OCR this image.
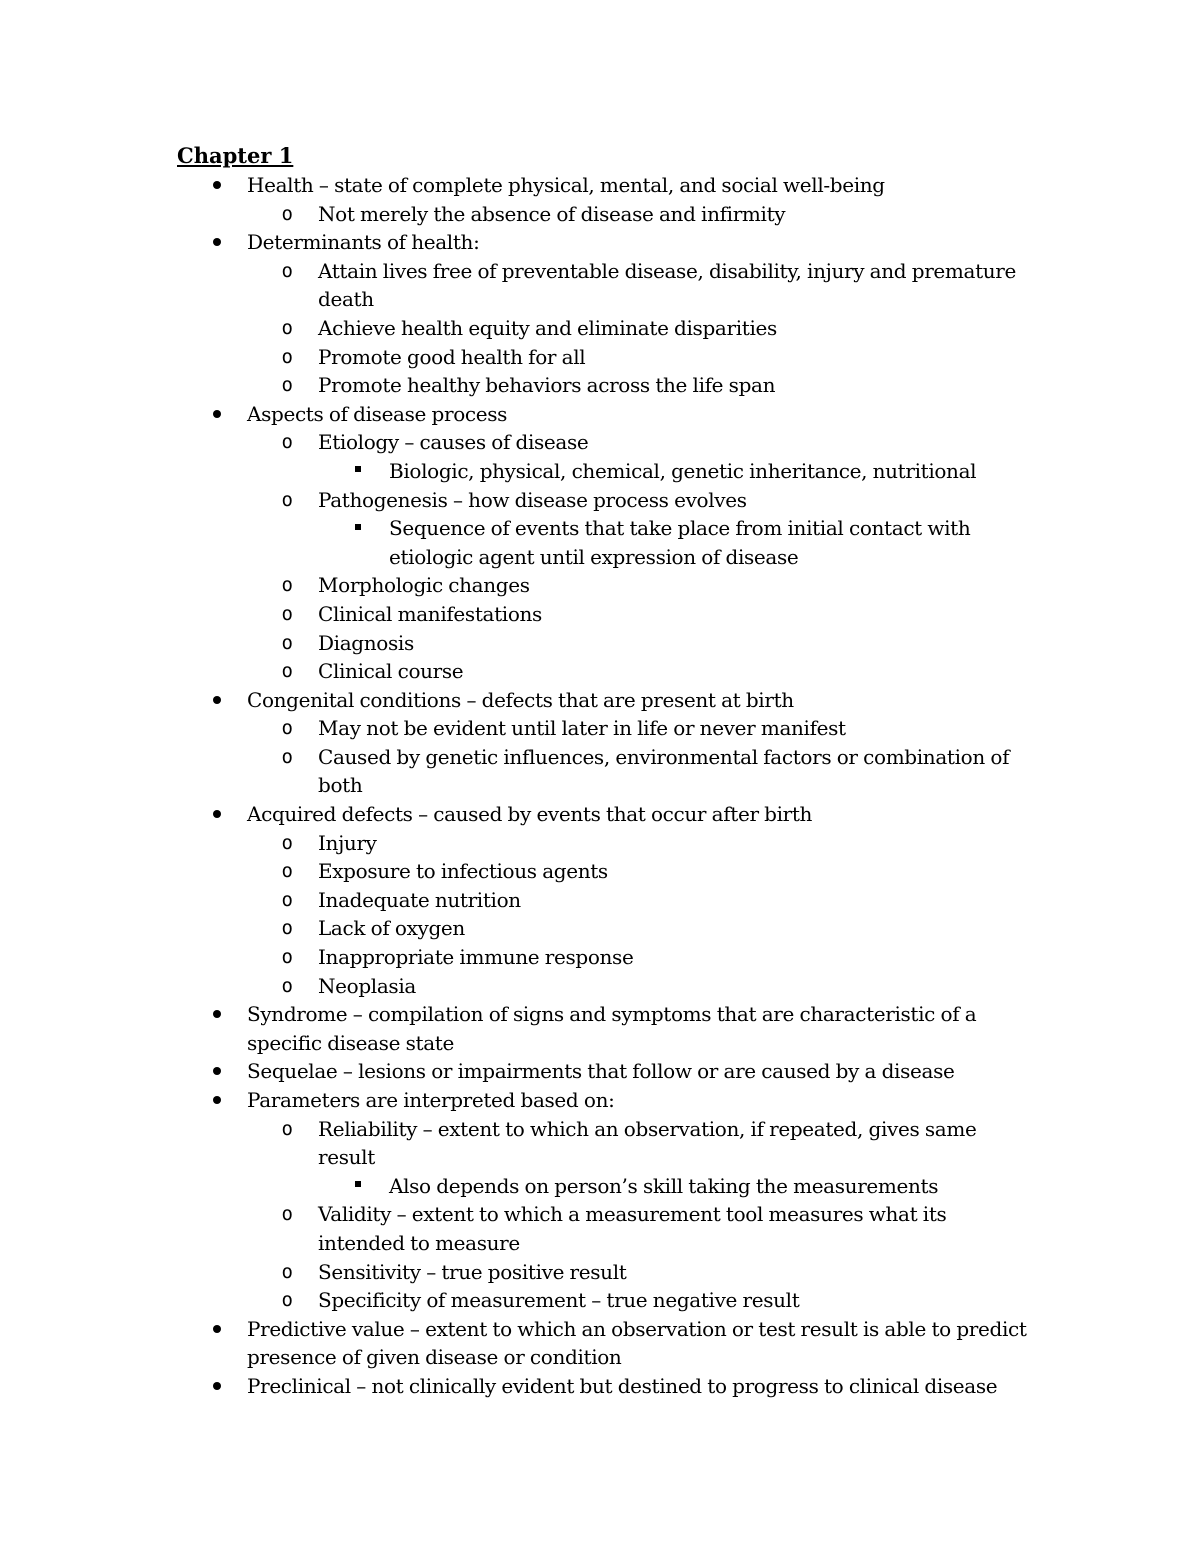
Chapter 1

Health – state of complete physical, mental, and social well-being
o Not merely the absence of disease and infirmity
Determinants of health:
o Attain lives free of preventable disease, disability, injury and premature death
o Achieve health equity and eliminate disparities
o Promote good health for all
o Promote healthy behaviors across the life span
Aspects of disease process
o Etiology – causes of disease
Biologic, physical, chemical, genetic inheritance, nutritional
o Pathogenesis – how disease process evolves
Sequence of events that take place from initial contact with etiologic agent until expression of disease
o Morphologic changes
o Clinical manifestations
o Diagnosis
o Clinical course
Congenital conditions – defects that are present at birth
o May not be evident until later in life or never manifest
o Caused by genetic influences, environmental factors or combination of both
Acquired defects – caused by events that occur after birth
o Injury
o Exposure to infectious agents
o Inadequate nutrition
o Lack of oxygen
o Inappropriate immune response
o Neoplasia
Syndrome – compilation of signs and symptoms that are characteristic of a specific disease state
Sequelae – lesions or impairments that follow or are caused by a disease
Parameters are interpreted based on:
o Reliability – extent to which an observation, if repeated, gives same result
Also depends on person’s skill taking the measurements
o Validity – extent to which a measurement tool measures what its intended to measure
o Sensitivity – true positive result
o Specificity of measurement – true negative result
Predictive value – extent to which an observation or test result is able to predict presence of given disease or condition
Preclinical – not clinically evident but destined to progress to clinical disease
